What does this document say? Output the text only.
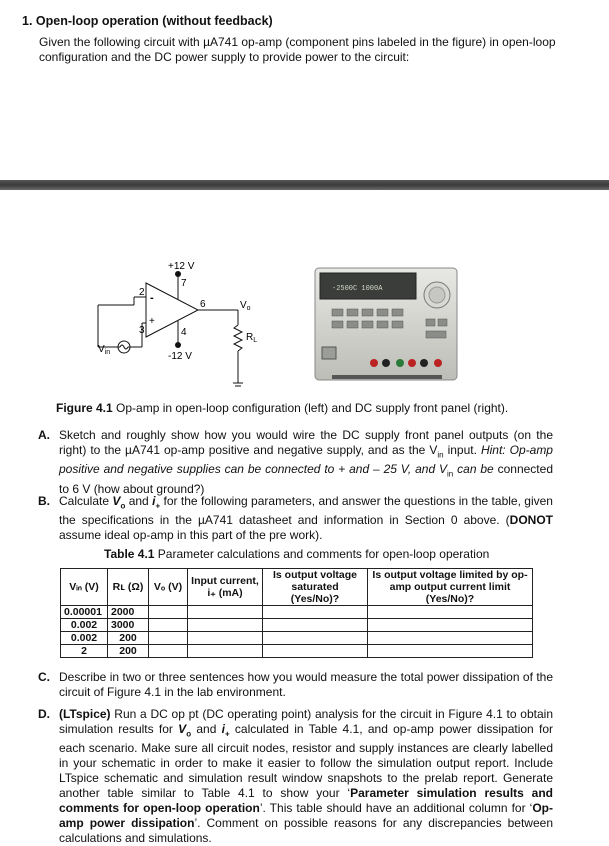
1. Open-loop operation (without feedback)
Given the following circuit with µA741 op-amp (component pins labeled in the figure) in open-loop configuration and the DC power supply to provide power to the circuit:
+12 V
-12 V
7
4
6
2
3
-
+
$V_o$
$R_L$
$V_{in}$
-2500C 1000A
Figure 4.1 Op-amp in open-loop configuration (left) and DC supply front panel (right).
A. Sketch and roughly show how you would wire the DC supply front panel outputs (on the right) to the µA741 op-amp positive and negative supply, and as the $V_{in}$ input. Hint: Op-amp positive and negative supplies can be connected to + and – 25 V, and $V_{in}$ can be connected to 6 V (how about ground?)
B. Calculate $V_o$ and $i_+$ for the following parameters, and answer the questions in the table, given the specifications in the µA741 datasheet and information in Section 0 above. (DONOT assume ideal op-amp in this part of the pre work).
Table 4.1 Parameter calculations and comments for open-loop operation
Vᵢₙ (V)	Rʟ (Ω)	Vₒ (V)	Input current, i₊ (mA)	Is output voltage saturated (Yes/No)?	Is output voltage limited by op-amp output current limit (Yes/No)?
0.00001	2000				
0.002	3000				
0.002	200				
2	200				
C. Describe in two or three sentences how you would measure the total power dissipation of the circuit of Figure 4.1 in the lab environment.
D. (LTspice) Run a DC op pt (DC operating point) analysis for the circuit in Figure 4.1 to obtain simulation results for $V_o$ and $i_+$ calculated in Table 4.1, and op-amp power dissipation for each scenario. Make sure all circuit nodes, resistor and supply instances are clearly labelled in your schematic in order to make it easier to follow the simulation output report. Include LTspice schematic and simulation result window snapshots to the prelab report. Generate another table similar to Table 4.1 to show your ‘Parameter simulation results and comments for open-loop operation’. This table should have an additional column for ‘Op-amp power dissipation’. Comment on possible reasons for any discrepancies between calculations and simulations.
